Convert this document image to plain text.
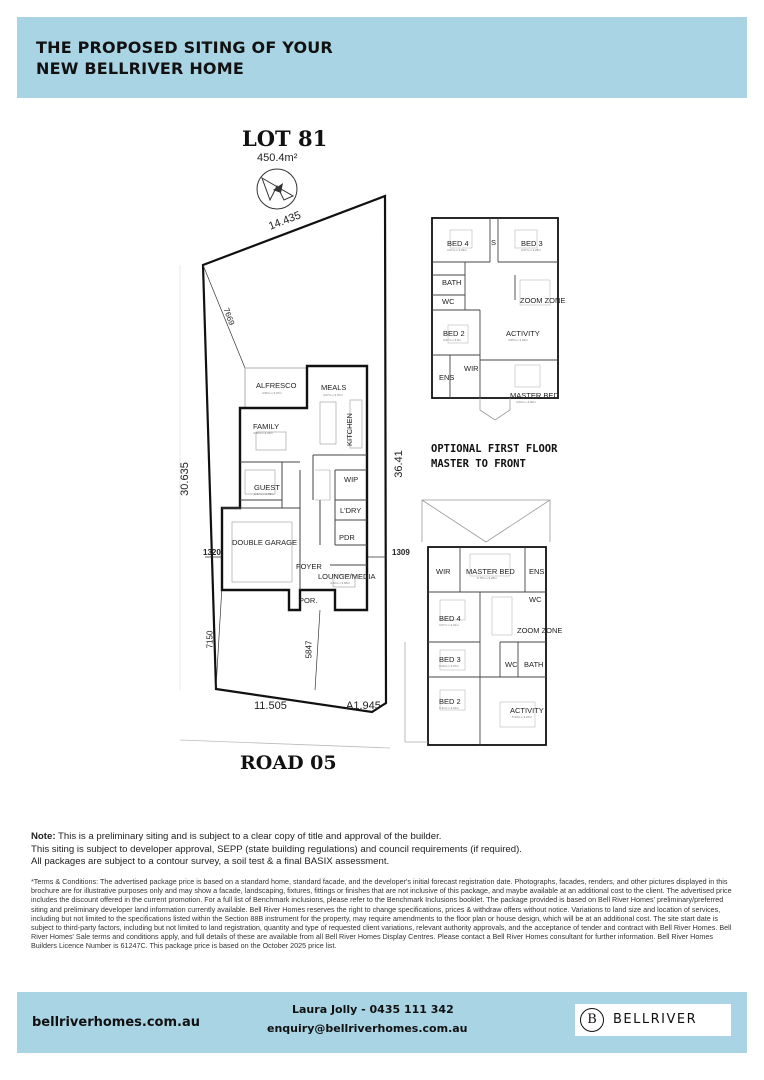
THE PROPOSED SITING OF YOUR
NEW BELLRIVER HOME
LOT 81
450.4m²
ALFRESCO
4.56m x 3.07m
MEALS
4.07m x 3.07m
FAMILY
4.56m x 4.32m	KITCHEN
GUEST
3.37m x 2.83m
WIP
L'DRY
PDR
DOUBLE GARAGE
FOYER
LOUNGE/MEDIA
3.20m x 3.96m
POR.
14.435
30.635	36.41
11.505	A1.945
7669
1320	1309
7150
5847
ROAD 05
BED 4
3.07m x 3.03m
S	BED 3
3.07m x 3.28m
BATH
WC	ZOOM ZONE
BED 2
3.07m x 3.5m
ACTIVITY
4.55m x 4.26m
WIR
ENS
MASTER BED
4.00m x 4.00m
OPTIONAL FIRST FLOOR
MASTER TO FRONT
WIR MASTER BED
6.78m x 3.28m
ENS
WC
BED 4
3.07m x 3.01m
ZOOM ZONE
BED 3
3.00m x 3.07m	WC BATH
BED 2
3.31m x 3.01m	ACTIVITY
5.29m x 3.07m
Note: This is a preliminary siting and is subject to a clear copy of title and approval of the builder.
This siting is subject to developer approval, SEPP (state building regulations) and council requirements (if required).
All packages are subject to a contour survey, a soil test & a final BASIX assessment.
*Terms & Conditions: The advertised package price is based on a standard home, standard facade, and the developer's initial forecast registration date. Photographs, facades, renders, and other pictures displayed in this brochure are for illustrative purposes only and may show a facade, landscaping, fixtures, fittings or finishes that are not inclusive of this package, and maybe available at an additional cost to the client. The advertised price includes the discount offered in the current promotion. For a full list of Benchmark inclusions, please refer to the Benchmark Inclusions booklet. The package provided is based on Bell River Homes' preliminary/preferred siting and preliminary developer land information currently available. Bell River Homes reserves the right to change specifications, prices & withdraw offers without notice. Variations to land size and location of services, including but not limited to the specifications listed within the Section 88B instrument for the property, may require amendments to the floor plan or house design, which will be at an additional cost. The site start date is subject to third-party factors, including but not limited to land registration, quantity and type of requested client variations, relevant authority approvals, and the acceptance of tender and contract with Bell River Homes. Bell River Homes' Sale terms and conditions apply, and full details of these are available from all Bell River Homes Display Centres. Please contact a Bell River Homes consultant for further information. Bell River Homes Builders Licence Number is 61247C. This package price is based on the October 2025 price list.
bellriverhomes.com.au
Laura Jolly - 0435 111 342
enquiry@bellriverhomes.com.au
B	BELLRIVER
